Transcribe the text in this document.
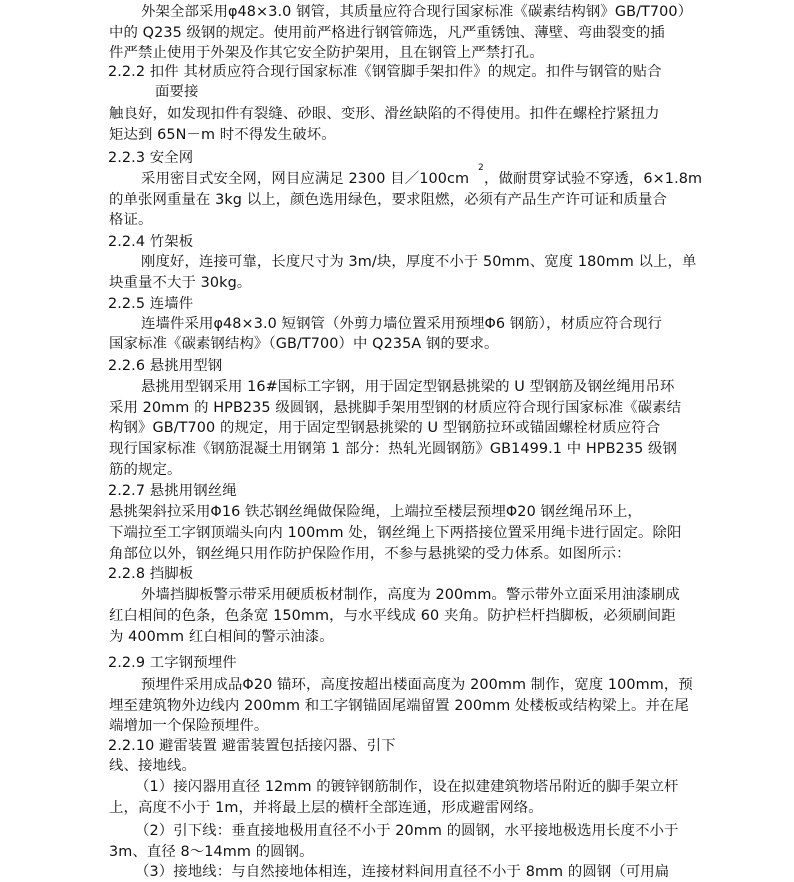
外架全部采用φ48×3.0 钢管，其质量应符合现行国家标准《碳素结构钢》GB/T700）
中的 Q235 级钢的规定。使用前严格进行钢管筛选，凡严重锈蚀、薄壁、弯曲裂变的插
件严禁止使用于外架及作其它安全防护架用，且在钢管上严禁打孔。
2.2.2 扣件 其材质应符合现行国家标准《钢管脚手架扣件》的规定。扣件与钢管的贴合
面要接
触良好，如发现扣件有裂缝、砂眼、变形、滑丝缺陷的不得使用。扣件在螺栓拧紧扭力
矩达到 65N－m 时不得发生破坏。
2.2.3 安全网
采用密目式安全网，网目应满足 2300 目／100cm
2
，做耐贯穿试验不穿透，6×1.8m
的单张网重量在 3kg 以上，颜色选用绿色，要求阻燃，必须有产品生产许可证和质量合
格证。
2.2.4 竹架板
刚度好，连接可靠，长度尺寸为 3m/块，厚度不小于 50mm、宽度 180mm 以上，单
块重量不大于 30kg。
2.2.5 连墙件
连墙件采用φ48×3.0 短钢管（外剪力墙位置采用预埋Φ6 钢筋），材质应符合现行
国家标准《碳素钢结构》（GB/T700）中 Q235A 钢的要求。
2.2.6 悬挑用型钢
悬挑用型钢采用 16#国标工字钢，用于固定型钢悬挑梁的 U 型钢筋及钢丝绳用吊环
采用 20mm 的 HPB235 级圆钢，悬挑脚手架用型钢的材质应符合现行国家标准《碳素结
构钢》GB/T700 的规定，用于固定型钢悬挑梁的 U 型钢筋拉环或锚固螺栓材质应符合
现行国家标准《钢筋混凝土用钢第 1 部分：热轧光圆钢筋》GB1499.1 中 HPB235 级钢
筋的规定。
2.2.7 悬挑用钢丝绳
悬挑架斜拉采用Φ16 铁芯钢丝绳做保险绳，上端拉至楼层预埋Φ20 钢丝绳吊环上，
下端拉至工字钢顶端头向内 100mm 处，钢丝绳上下两搭接位置采用绳卡进行固定。除阳
角部位以外，钢丝绳只用作防护保险作用，不参与悬挑梁的受力体系。如图所示：
2.2.8 挡脚板
外墙挡脚板警示带采用硬质板材制作，高度为 200mm。警示带外立面采用油漆刷成
红白相间的色条，色条宽 150mm，与水平线成 60 夹角。防护栏杆挡脚板，必须刷间距
为 400mm 红白相间的警示油漆。
2.2.9 工字钢预埋件
预埋件采用成品Φ20 锚环，高度按超出楼面高度为 200mm 制作，宽度 100mm，预
埋至建筑物外边线内 200mm 和工字钢锚固尾端留置 200mm 处楼板或结构梁上。并在尾
端增加一个保险预埋件。
2.2.10 避雷装置 避雷装置包括接闪器、引下
线、接地线。
（1）接闪器用直径 12mm 的镀锌钢筋制作，设在拟建建筑物塔吊附近的脚手架立杆
上，高度不小于 1m，并将最上层的横杆全部连通，形成避雷网络。
（2）引下线：垂直接地极用直径不小于 20mm 的圆钢，水平接地极选用长度不小于
3m、直径 8～14mm 的圆钢。
（3）接地线：与自然接地体相连，连接材料间用直径不小于 8mm 的圆钢（可用扁
